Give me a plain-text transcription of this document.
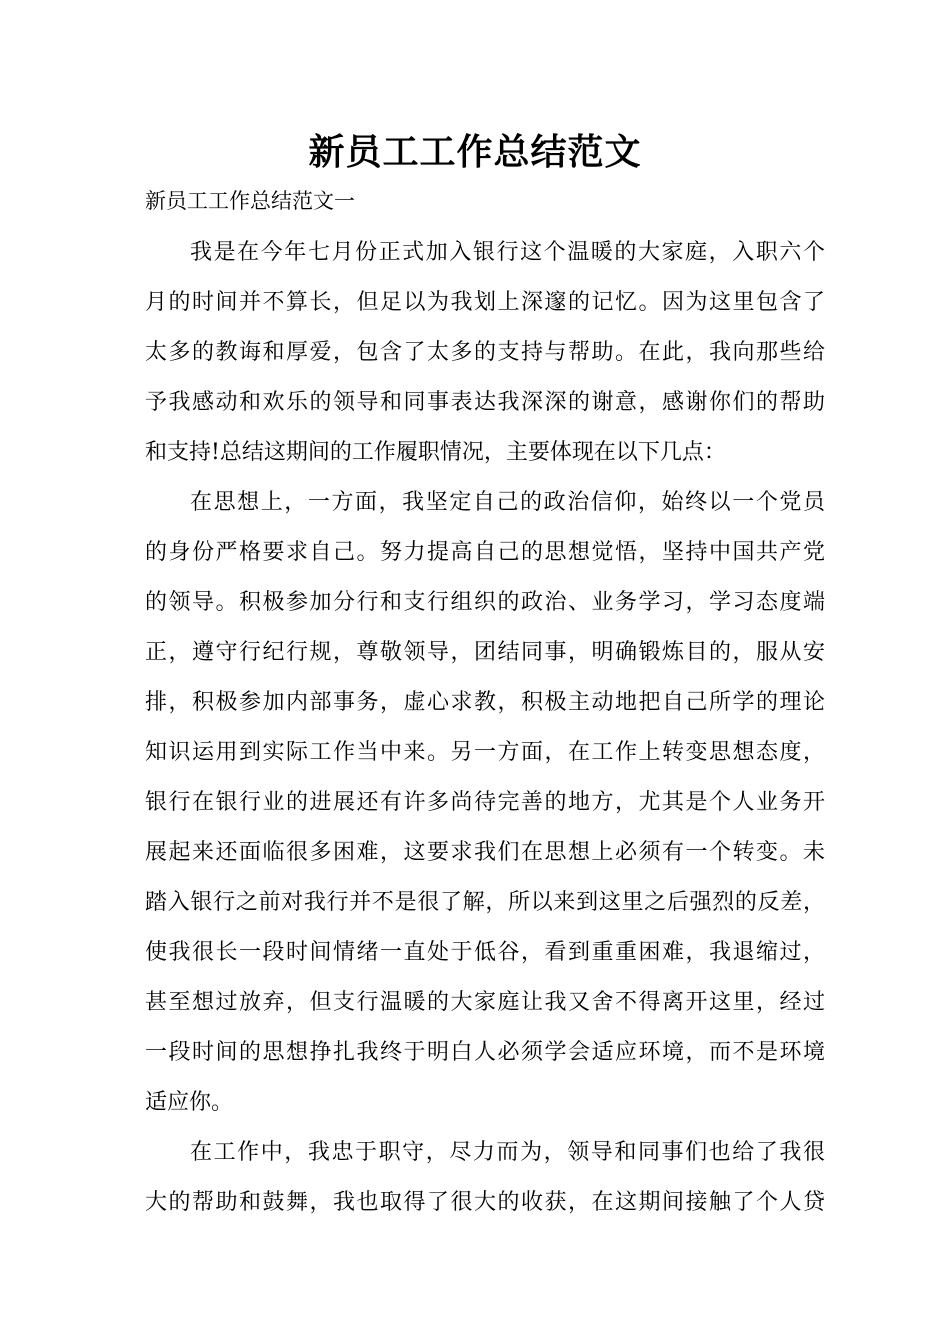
新员工工作总结范文
新员工工作总结范文一
我是在今年七月份正式加入银行这个温暖的大家庭，入职六个
月的时间并不算长，但足以为我划上深邃的记忆。因为这里包含了
太多的教诲和厚爱，包含了太多的支持与帮助。在此，我向那些给
予我感动和欢乐的领导和同事表达我深深的谢意，感谢你们的帮助
和支持!总结这期间的工作履职情况，主要体现在以下几点：
在思想上，一方面，我坚定自己的政治信仰，始终以一个党员
的身份严格要求自己。努力提高自己的思想觉悟，坚持中国共产党
的领导。积极参加分行和支行组织的政治、业务学习，学习态度端
正，遵守行纪行规，尊敬领导，团结同事，明确锻炼目的，服从安
排，积极参加内部事务，虚心求教，积极主动地把自己所学的理论
知识运用到实际工作当中来。另一方面，在工作上转变思想态度，
银行在银行业的进展还有许多尚待完善的地方，尤其是个人业务开
展起来还面临很多困难，这要求我们在思想上必须有一个转变。未
踏入银行之前对我行并不是很了解，所以来到这里之后强烈的反差，
使我很长一段时间情绪一直处于低谷，看到重重困难，我退缩过，
甚至想过放弃，但支行温暖的大家庭让我又舍不得离开这里，经过
一段时间的思想挣扎我终于明白人必须学会适应环境，而不是环境
适应你。
在工作中，我忠于职守，尽力而为，领导和同事们也给了我很
大的帮助和鼓舞，我也取得了很大的收获，在这期间接触了个人贷
